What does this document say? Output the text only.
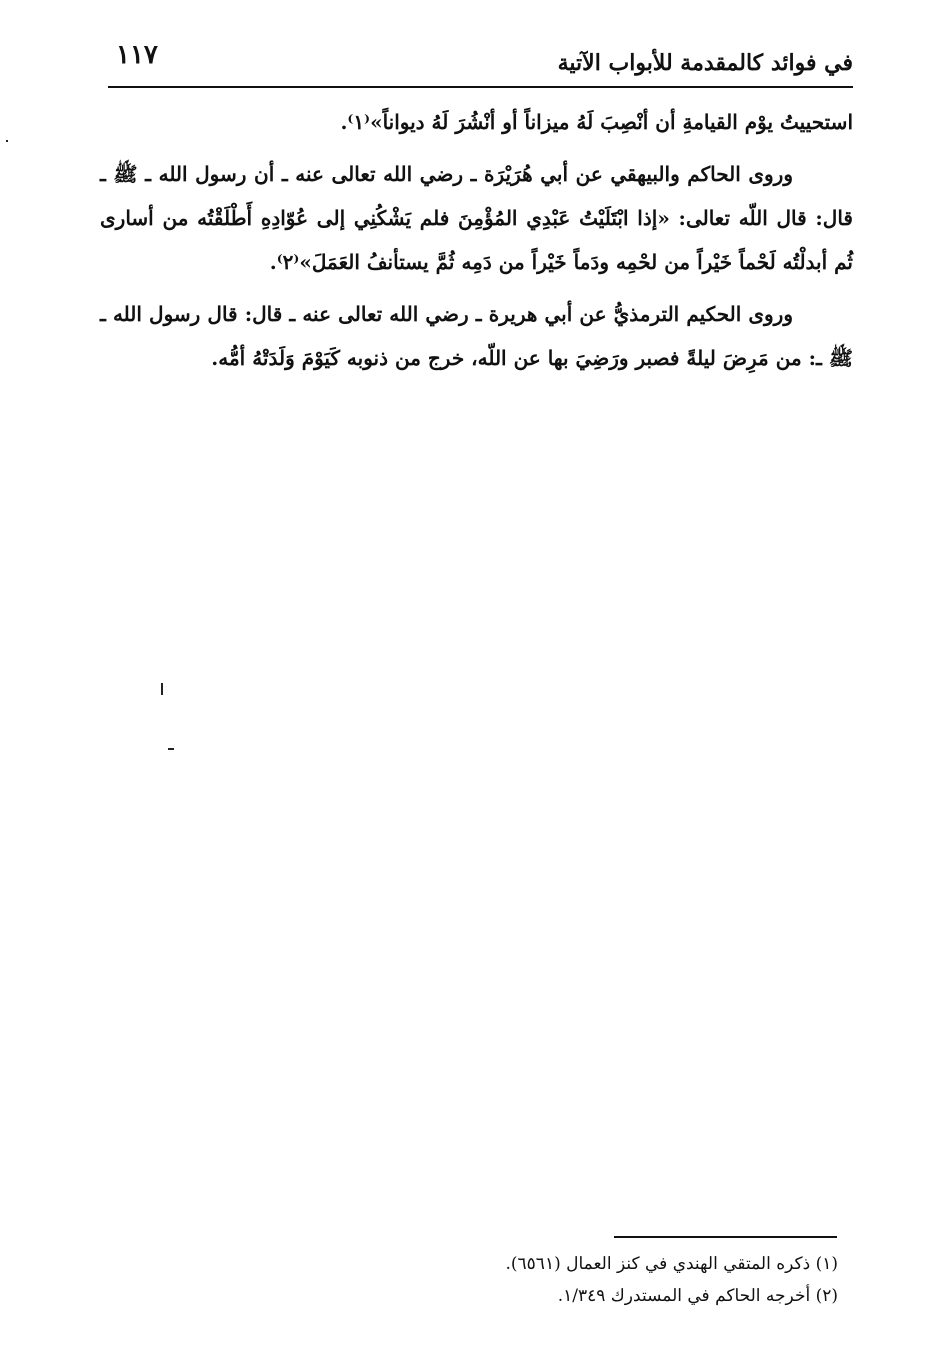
١١٧	في فوائد كالمقدمة للأبواب الآتية

استحييتُ يوْم القيامةِ أن أنْصِبَ لَهُ ميزاناً أو أنْشُرَ لَهُ ديواناً»⁽١⁾.

وروى الحاكم والبيهقي عن أبي هُرَيْرَة ـ رضي الله تعالى عنه ـ أن رسول الله ـ ﷺ ـ قال: قال اللّه تعالى: «إذا ابْتَلَيْتُ عَبْدِي المُؤْمِنَ فلم يَشْكُنِي إلى عُوّادِهِ أَطْلَقْتُه من أسارى ثُم أبدلْتُه لَحْماً خَيْراً من لحْمِه ودَماً خَيْراً من دَمِه ثُمَّ يستأنفُ العَمَلَ»⁽٢⁾.

وروى الحكيم الترمذيُّ عن أبي هريرة ـ رضي الله تعالى عنه ـ قال: قال رسول الله ـ ﷺ ـ: من مَرِضَ ليلةً فصبر ورَضِيَ بها عن اللّه، خرج من ذنوبه كَيَوْمَ وَلَدَتْهُ أمُّه.

(١) ذكره المتقي الهندي في كنز العمال (٦٥٦١).

(٢) أخرجه الحاكم في المستدرك ١/٣٤٩.
